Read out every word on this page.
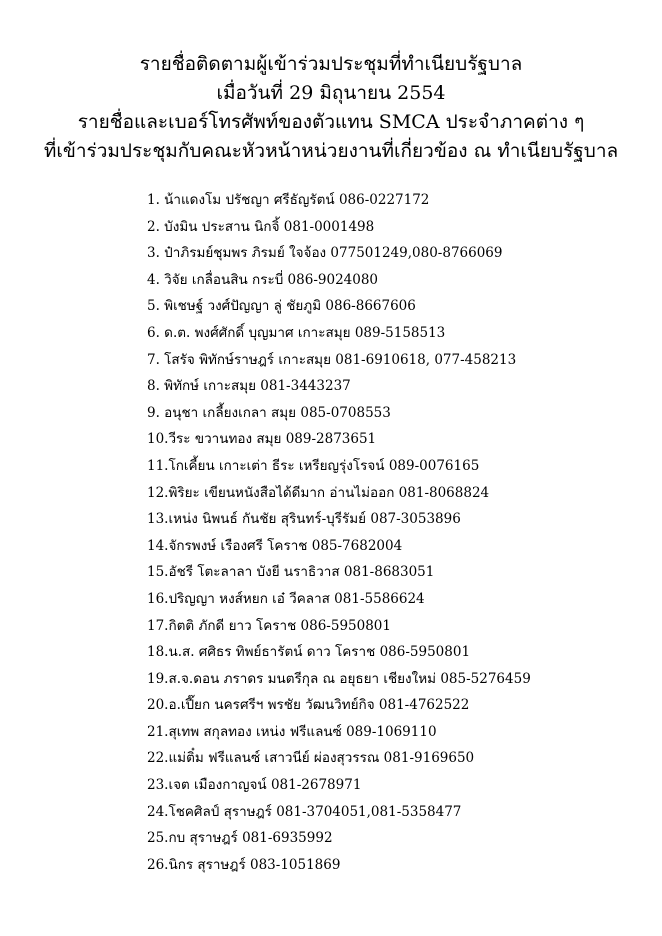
รายชื่อติดตามผู้เข้าร่วมประชุมที่ทำเนียบรัฐบาล
เมื่อวันที่ 29 มิถุนายน 2554
รายชื่อและเบอร์โทรศัพท์ของตัวแทน SMCA ประจำภาคต่าง ๆ
ที่เข้าร่วมประชุมกับคณะหัวหน้าหน่วยงานที่เกี่ยวข้อง ณ ทำเนียบรัฐบาล
1. น้าแดงโม ปรัชญา ศรีธัญรัตน์ 086-0227172
2. บังมิน ประสาน นิกจิ้ 081-0001498
3. ป๋าภิรมย์ชุมพร ภิรมย์ ใจจ้อง 077501249,080-8766069
4. วิจัย เกลื่อนสิน กระบี่ 086-9024080
5. พิเชษฐ์ วงศ์ปัญญา ลู่ ชัยภูมิ 086-8667606
6. ด.ต. พงศ์ศักดิ์ บุญมาศ เกาะสมุย 089-5158513
7. โสรัจ พิทักษ์ราษฎร์ เกาะสมุย 081-6910618, 077-458213
8. พิทักษ์ เกาะสมุย 081-3443237
9. อนุชา เกลี้ยงเกลา สมุย 085-0708553
10.วีระ ขวานทอง สมุย 089-2873651
11.โกเคี้ยน เกาะเต่า ธีระ เหรียญรุ่งโรจน์ 089-0076165
12.พิริยะ เขียนหนังสือได้ดีมาก อ่านไม่ออก 081-8068824
13.เหน่ง นิพนธ์ กันชัย สุรินทร์-บุรีรัมย์ 087-3053896
14.จักรพงษ์ เรืองศรี โคราช 085-7682004
15.อัชรี โตะลาลา บังยี นราธิวาส 081-8683051
16.ปริญญา หงส์หยก เอ๋ วีคลาส 081-5586624
17.กิตติ ภักดี ยาว โคราช 086-5950801
18.น.ส. ศศิธร ทิพย์ธารัตน์ ดาว โคราช 086-5950801
19.ส.จ.ดอน ภราดร มนตรีกุล ณ อยุธยา เชียงใหม่ 085-5276459
20.อ.เปี๊ยก นครศรีฯ พรชัย วัฒนวิทย์กิจ 081-4762522
21.สุเทพ สกุลทอง เหน่ง ฟรีแลนซ์ 089-1069110
22.แม่ติ๋ม ฟรีแลนซ์ เสาวนีย์ ผ่องสุวรรณ 081-9169650
23.เจต เมืองกาญจน์ 081-2678971
24.โชคศิลป์ สุราษฎร์ 081-3704051,081-5358477
25.กบ สุราษฎร์ 081-6935992
26.นิกร สุราษฎร์ 083-1051869
